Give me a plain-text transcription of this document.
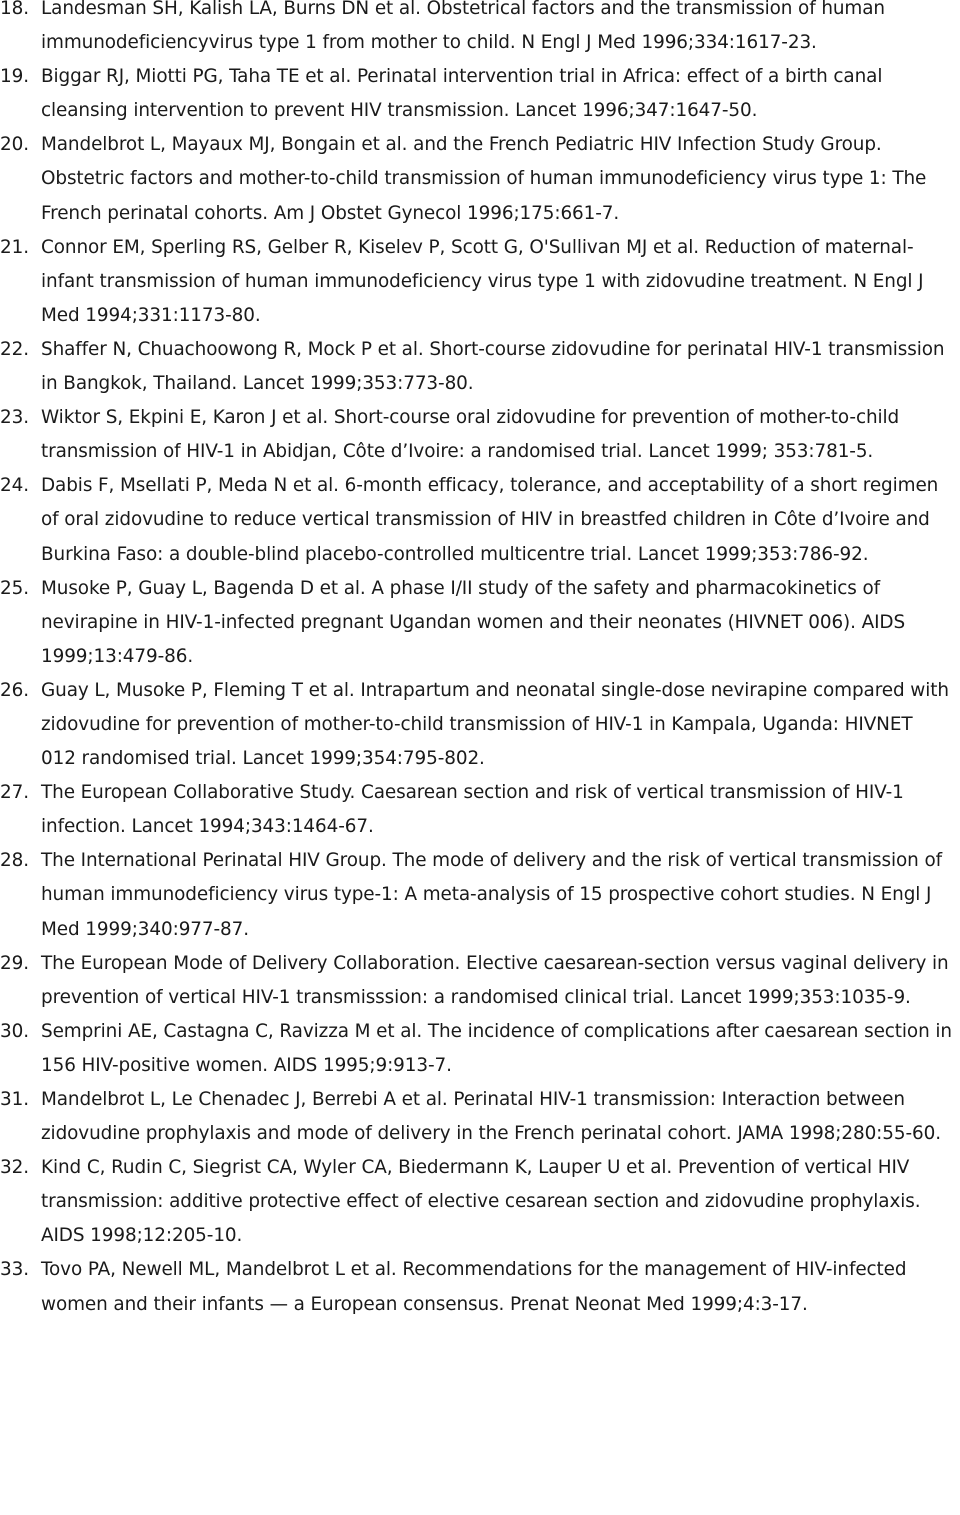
18. Landesman SH, Kalish LA, Burns DN et al. Obstetrical factors and the transmission of human immunodeficiencyvirus type 1 from mother to child. N Engl J Med 1996;334:1617-23.
19. Biggar RJ, Miotti PG, Taha TE et al. Perinatal intervention trial in Africa: effect of a birth canal cleansing intervention to prevent HIV transmission. Lancet 1996;347:1647-50.
20. Mandelbrot L, Mayaux MJ, Bongain et al. and the French Pediatric HIV Infection Study Group. Obstetric factors and mother-to-child transmission of human immunodeficiency virus type 1: The French perinatal cohorts. Am J Obstet Gynecol 1996;175:661-7.
21. Connor EM, Sperling RS, Gelber R, Kiselev P, Scott G, O'Sullivan MJ et al. Reduction of maternal-infant transmission of human immunodeficiency virus type 1 with zidovudine treatment. N Engl J Med 1994;331:1173-80.
22. Shaffer N, Chuachoowong R, Mock P et al. Short-course zidovudine for perinatal HIV-1 transmission in Bangkok, Thailand. Lancet 1999;353:773-80.
23. Wiktor S, Ekpini E, Karon J et al. Short-course oral zidovudine for prevention of mother-to-child transmission of HIV-1 in Abidjan, Côte d’Ivoire: a randomised trial. Lancet 1999; 353:781-5.
24. Dabis F, Msellati P, Meda N et al. 6-month efficacy, tolerance, and acceptability of a short regimen of oral zidovudine to reduce vertical transmission of HIV in breastfed children in Côte d’Ivoire and Burkina Faso: a double-blind placebo-controlled multicentre trial. Lancet 1999;353:786-92.
25. Musoke P, Guay L, Bagenda D et al. A phase I/II study of the safety and pharmacokinetics of nevirapine in HIV-1-infected pregnant Ugandan women and their neonates (HIVNET 006). AIDS 1999;13:479-86.
26. Guay L, Musoke P, Fleming T et al. Intrapartum and neonatal single-dose nevirapine compared with zidovudine for prevention of mother-to-child transmission of HIV-1 in Kampala, Uganda: HIVNET 012 randomised trial. Lancet 1999;354:795-802.
27. The European Collaborative Study. Caesarean section and risk of vertical transmission of HIV-1 infection. Lancet 1994;343:1464-67.
28. The International Perinatal HIV Group. The mode of delivery and the risk of vertical transmission of human immunodeficiency virus type-1: A meta-analysis of 15 prospective cohort studies. N Engl J Med 1999;340:977-87.
29. The European Mode of Delivery Collaboration. Elective caesarean-section versus vaginal delivery in prevention of vertical HIV-1 transmisssion: a randomised clinical trial. Lancet 1999;353:1035-9.
30. Semprini AE, Castagna C, Ravizza M et al. The incidence of complications after caesarean section in 156 HIV-positive women. AIDS 1995;9:913-7.
31. Mandelbrot L, Le Chenadec J, Berrebi A et al. Perinatal HIV-1 transmission: Interaction between zidovudine prophylaxis and mode of delivery in the French perinatal cohort. JAMA 1998;280:55-60.
32. Kind C, Rudin C, Siegrist CA, Wyler CA, Biedermann K, Lauper U et al. Prevention of vertical HIV transmission: additive protective effect of elective cesarean section and zidovudine prophylaxis. AIDS 1998;12:205-10.
33. Tovo PA, Newell ML, Mandelbrot L et al. Recommendations for the management of HIV-infected women and their infants — a European consensus. Prenat Neonat Med 1999;4:3-17.
